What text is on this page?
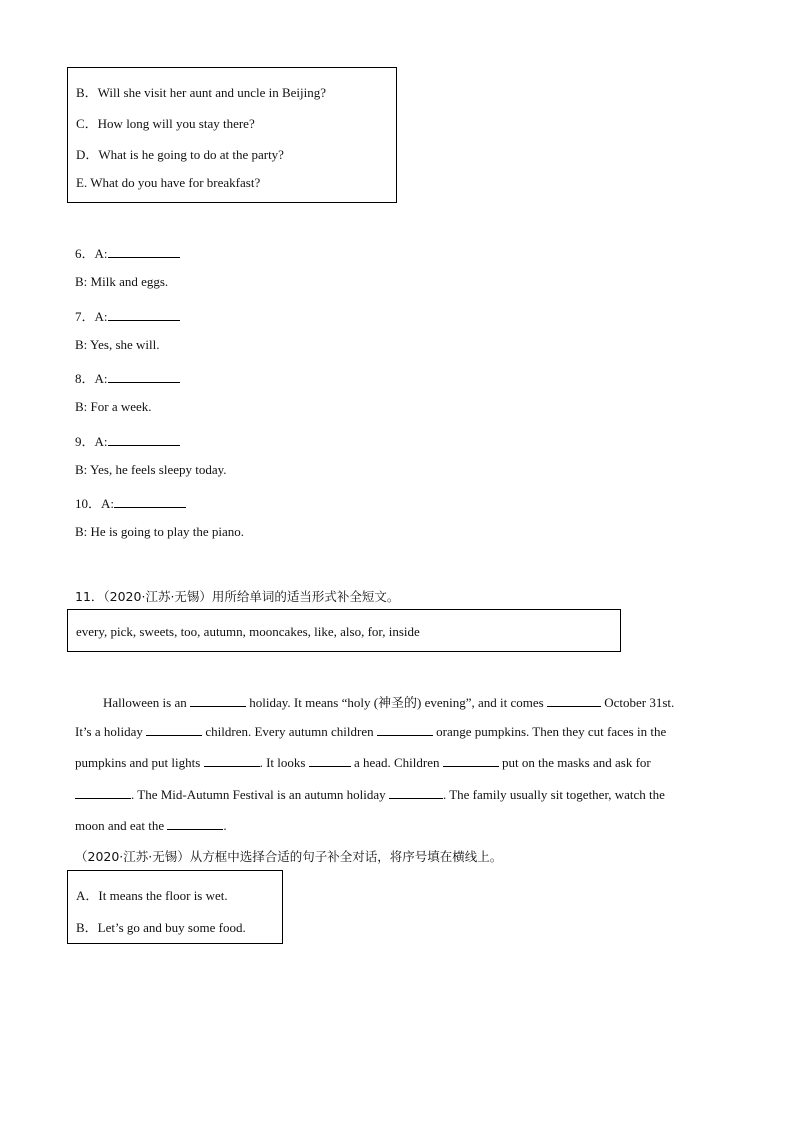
B．Will she visit her aunt and uncle in Beijing?

C．How long will you stay there?

D．What is he going to do at the party?

E. What do you have for breakfast?

6．A:

B: Milk and eggs.

7．A:

B: Yes, she will.

8．A:

B: For a week.

9．A:

B: Yes, he feels sleepy today.

10．A:

B: He is going to play the piano.

11．（2020·江苏·无锡）用所给单词的适当形式补全短文。

every, pick, sweets, too, autumn, mooncakes, like, also, for, inside

Halloween is an	holiday. It means “holy (神圣的) evening”, and it comes	October 31st.

It’s a holiday	children. Every autumn children	orange pumpkins. Then they cut faces in the

pumpkins and put lights	. It looks	a head. Children	put on the masks and ask for

. The Mid-Autumn Festival is an autumn holiday	. The family usually sit together, watch the

moon and eat the	.

（2020·江苏·无锡）从方框中选择合适的句子补全对话，将序号填在横线上。

A．It means the floor is wet.

B．Let’s go and buy some food.
